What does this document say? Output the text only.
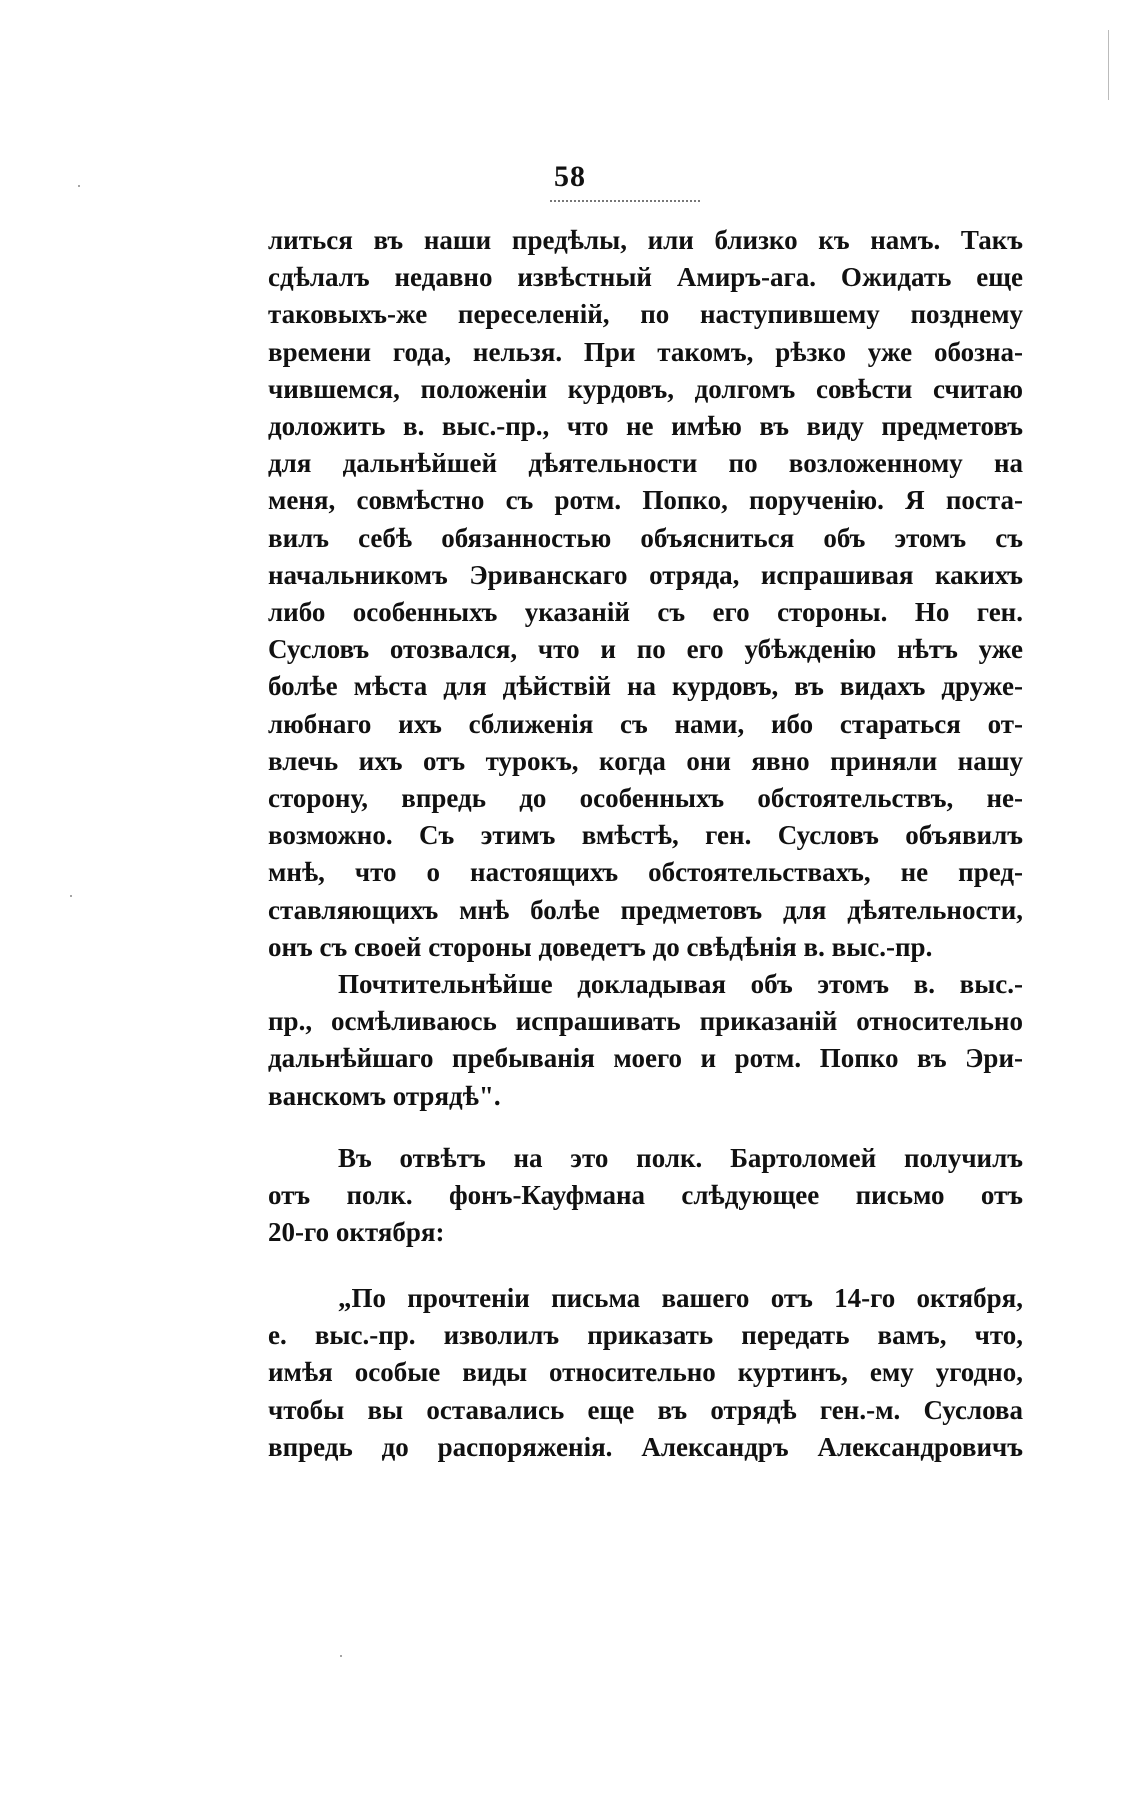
58
литься въ наши предѣлы, или близко къ намъ. Такъ
сдѣлалъ недавно извѣстный Амиръ-ага. Ожидать еще
таковыхъ-же переселеній, по наступившему позднему
времени года, нельзя. При такомъ, рѣзко уже обозна-
чившемся, положеніи курдовъ, долгомъ совѣсти считаю
доложить в. выс.-пр., что не имѣю въ виду предметовъ
для дальнѣйшей дѣятельности по возложенному на
меня, совмѣстно съ ротм. Попко, порученію. Я поста-
вилъ себѣ обязанностью объясниться объ этомъ съ
начальникомъ Эриванскаго отряда, испрашивая какихъ
либо особенныхъ указаній съ его стороны. Но ген.
Сусловъ отозвался, что и по его убѣжденію нѣтъ уже
болѣе мѣста для дѣйствій на курдовъ, въ видахъ друже-
любнаго ихъ сближенія съ нами, ибо стараться от-
влечь ихъ отъ турокъ, когда они явно приняли нашу
сторону, впредь до особенныхъ обстоятельствъ, не-
возможно. Съ этимъ вмѣстѣ, ген. Сусловъ объявилъ
мнѣ, что о настоящихъ обстоятельствахъ, не пред-
ставляющихъ мнѣ болѣе предметовъ для дѣятельности,
онъ съ своей стороны доведетъ до свѣдѣнія в. выс.-пр.
Почтительнѣйше докладывая объ этомъ в. выс.-
пр., осмѣливаюсь испрашивать приказаній относительно
дальнѣйшаго пребыванія моего и ротм. Попко въ Эри-
ванскомъ отрядѣ".
Въ отвѣтъ на это полк. Бартоломей получилъ
отъ полк. фонъ-Кауфмана слѣдующее письмо отъ
20-го октября:
„По прочтеніи письма вашего отъ 14-го октября,
е. выс.-пр. изволилъ приказать передать вамъ, что,
имѣя особые виды относительно куртинъ, ему угодно,
чтобы вы оставались еще въ отрядѣ ген.-м. Суслова
впредь до распоряженія. Александръ Александровичъ
